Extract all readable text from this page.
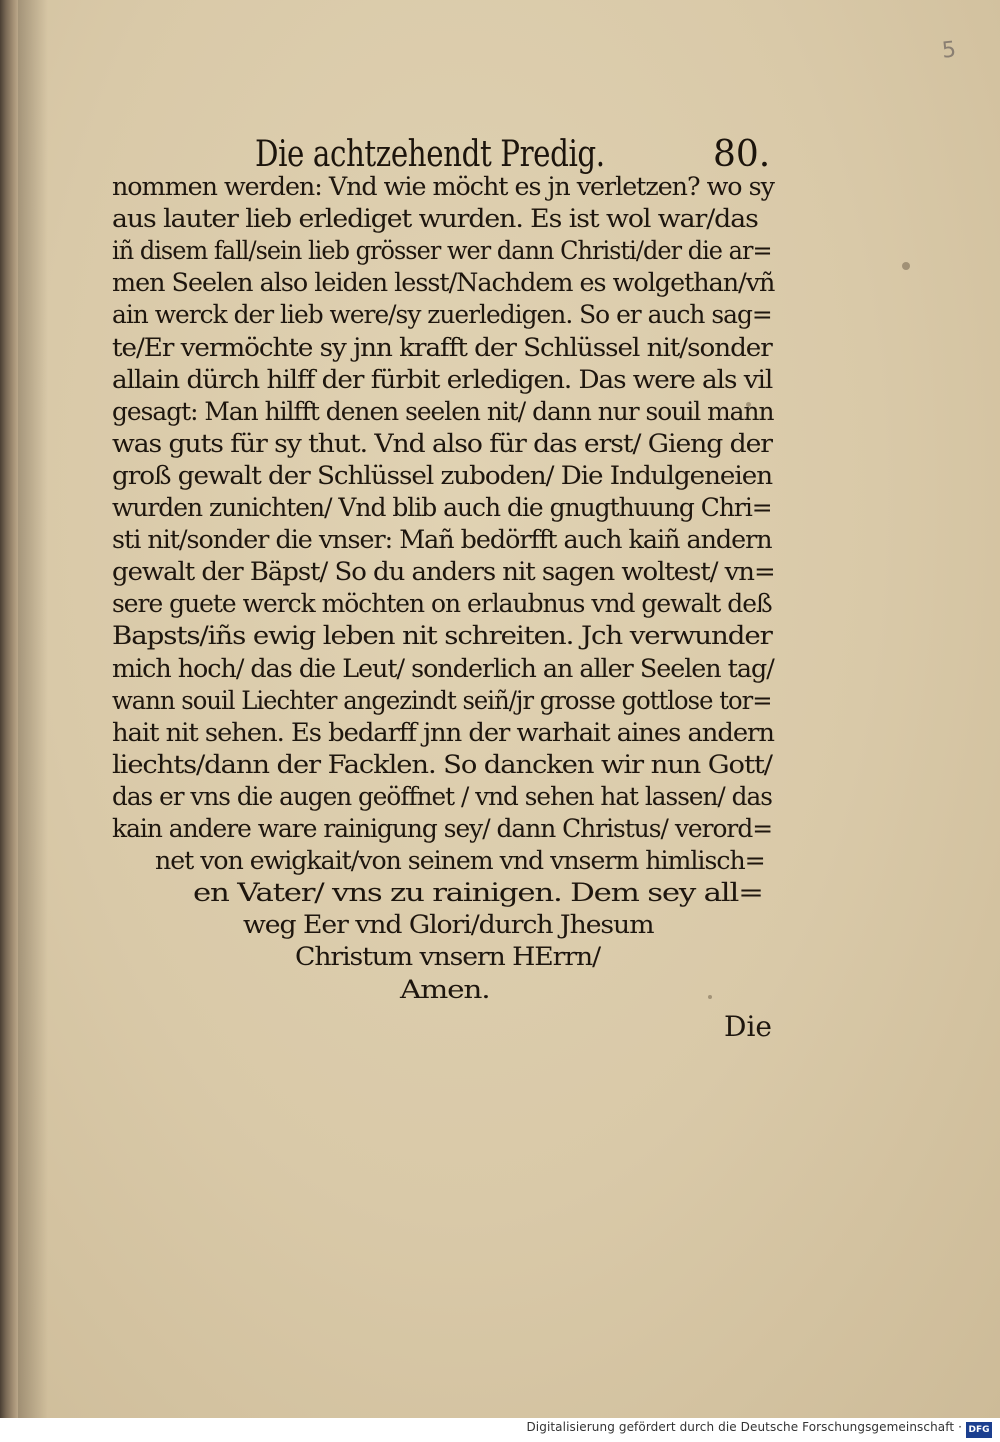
5
Die achtzehendt Predig.	80.
nommen werden: Vnd wie möcht es jn verletzen? wo sy
aus lauter lieb erlediget wurden. Es ist wol war/das
iñ disem fall/sein lieb grösser wer dann Christi/der die ar=
men Seelen also leiden lesst/Nachdem es wolgethan/vñ
ain werck der lieb were/sy zuerledigen. So er auch sag=
te/Er vermöchte sy jnn krafft der Schlüssel nit/sonder
allain dürch hilff der fürbit erledigen. Das were als vil
gesagt: Man hilfft denen seelen nit/ dann nur souil mann
was guts für sy thut. Vnd also für das erst/ Gieng der
groß gewalt der Schlüssel zuboden/ Die Indulgeneien
wurden zunichten/ Vnd blib auch die gnugthuung Chri=
sti nit/sonder die vnser: Mañ bedörfft auch kaiñ andern
gewalt der Bäpst/ So du anders nit sagen woltest/ vn=
sere guete werck möchten on erlaubnus vnd gewalt deß
Bapsts/iñs ewig leben nit schreiten. Jch verwunder
mich hoch/ das die Leut/ sonderlich an aller Seelen tag/
wann souil Liechter angezindt seiñ/jr grosse gottlose tor=
hait nit sehen. Es bedarff jnn der warhait aines andern
liechts/dann der Facklen. So dancken wir nun Gott/
das er vns die augen geöffnet / vnd sehen hat lassen/ das
kain andere ware rainigung sey/ dann Christus/ verord=
net von ewigkait/von seinem vnd vnserm himlisch=
en Vater/ vns zu rainigen. Dem sey all=
weg Eer vnd Glori/durch Jhesum
Christum vnsern HErrn/
Amen.
Die
Digitalisierung gefördert durch die Deutsche Forschungsgemeinschaft · DFG
